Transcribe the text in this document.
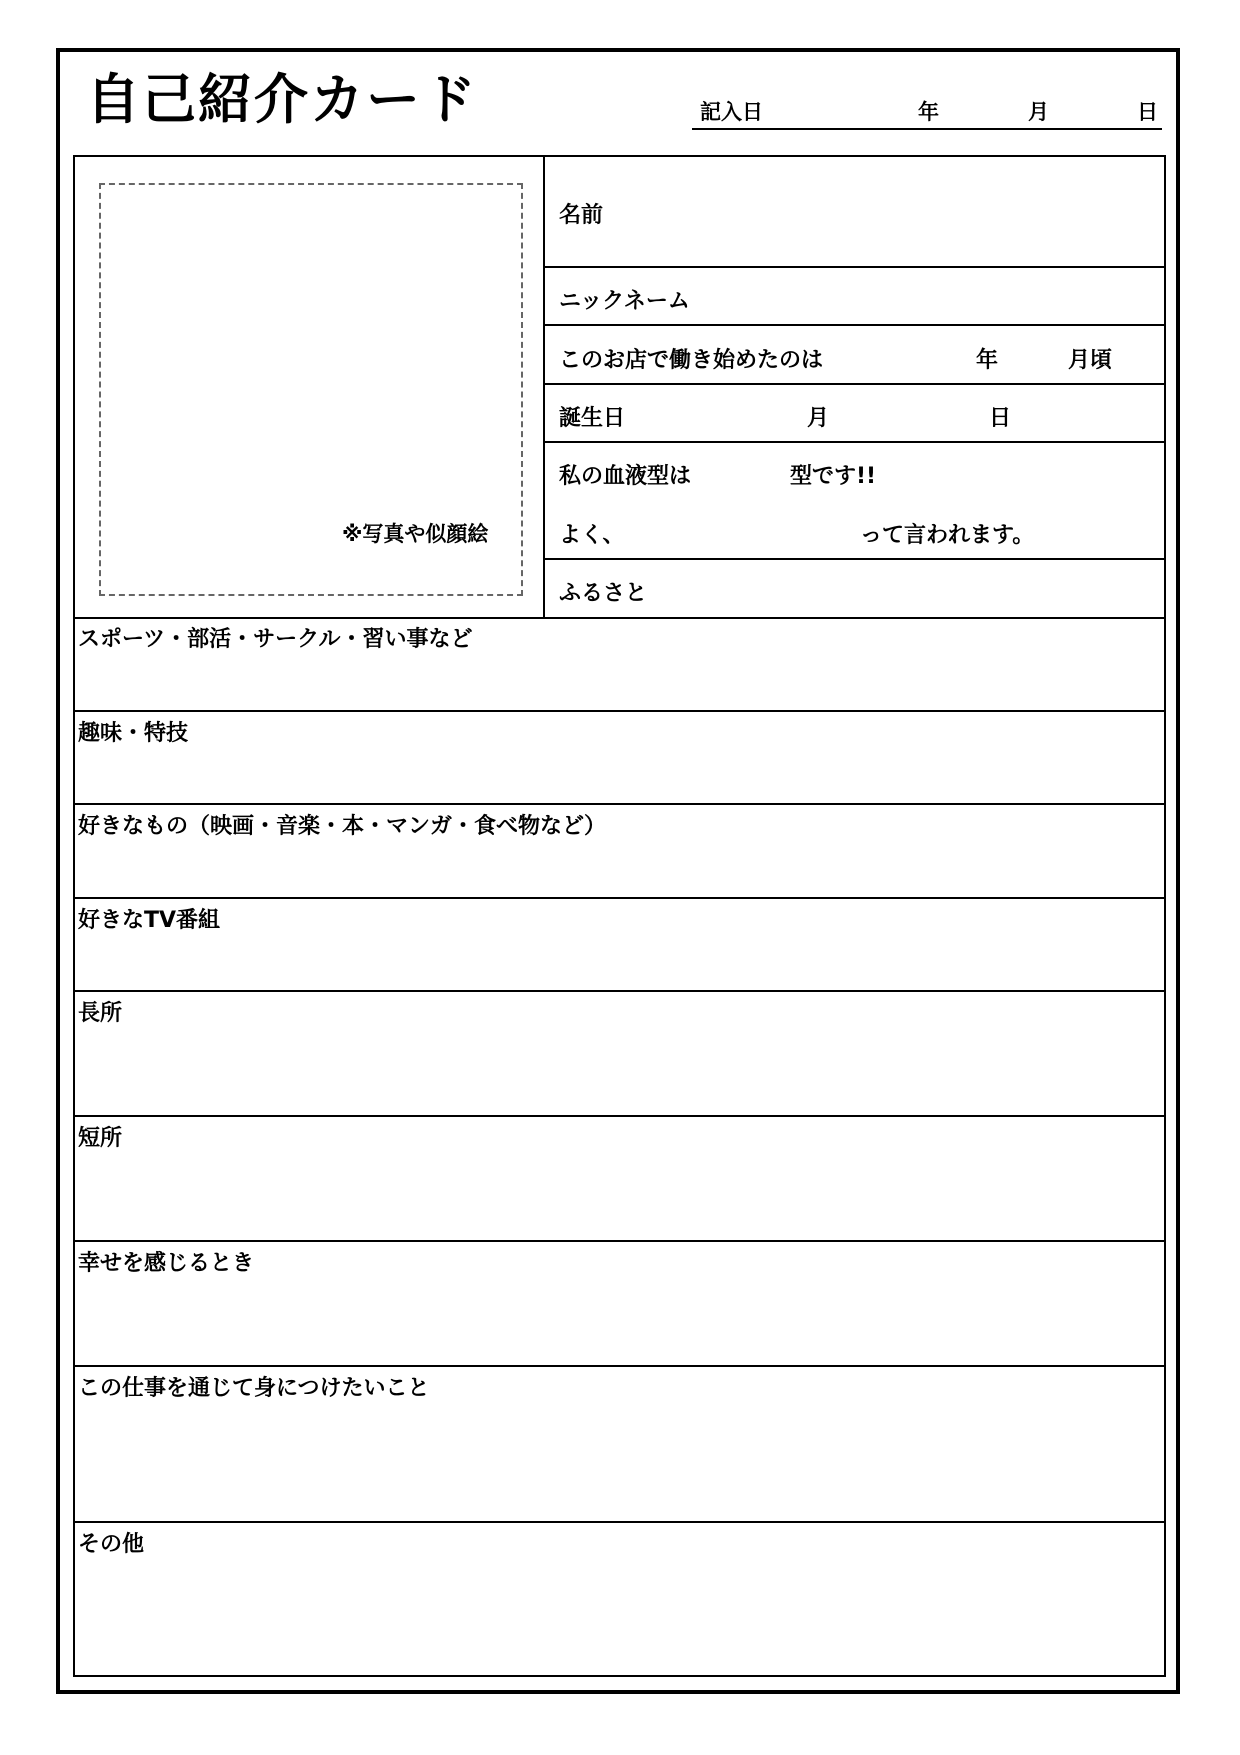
自己紹介カード	記入日	年	月	日
※写真や似顔絵
名前
ニックネーム
このお店で働き始めたのは	年	月頃
誕生日	月	日
私の血液型は	型です!!
よく、	って言われます。
ふるさと
スポーツ・部活・サークル・習い事など
趣味・特技
好きなもの（映画・音楽・本・マンガ・食べ物など）
好きなTV番組
長所
短所
幸せを感じるとき
この仕事を通じて身につけたいこと
その他
